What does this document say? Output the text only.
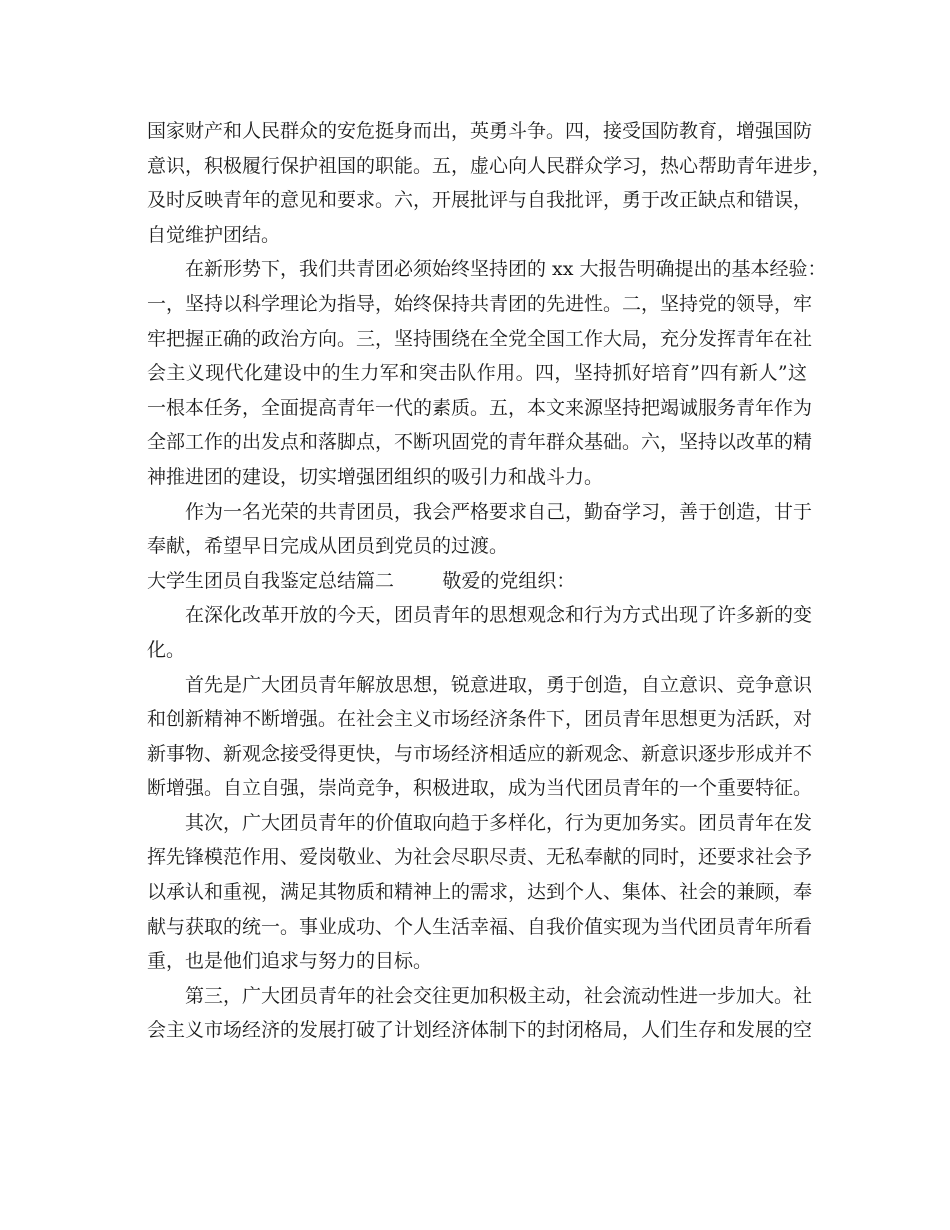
国家财产和人民群众的安危挺身而出，英勇斗争。四，接受国防教育，增强国防
意识，积极履行保护祖国的职能。五，虚心向人民群众学习，热心帮助青年进步，
及时反映青年的意见和要求。六，开展批评与自我批评，勇于改正缺点和错误，
自觉维护团结。
在新形势下，我们共青团必须始终坚持团的 xx 大报告明确提出的基本经验：
一，坚持以科学理论为指导，始终保持共青团的先进性。二，坚持党的领导，牢
牢把握正确的政治方向。三，坚持围绕在全党全国工作大局，充分发挥青年在社
会主义现代化建设中的生力军和突击队作用。四，坚持抓好培育”四有新人”这
一根本任务，全面提高青年一代的素质。五，本文来源坚持把竭诚服务青年作为
全部工作的出发点和落脚点，不断巩固党的青年群众基础。六，坚持以改革的精
神推进团的建设，切实增强团组织的吸引力和战斗力。
作为一名光荣的共青团员，我会严格要求自己，勤奋学习，善于创造，甘于
奉献，希望早日完成从团员到党员的过渡。
大学生团员自我鉴定总结篇二        敬爱的党组织：
在深化改革开放的今天，团员青年的思想观念和行为方式出现了许多新的变
化。
首先是广大团员青年解放思想，锐意进取，勇于创造，自立意识、竞争意识
和创新精神不断增强。在社会主义市场经济条件下，团员青年思想更为活跃，对
新事物、新观念接受得更快，与市场经济相适应的新观念、新意识逐步形成并不
断增强。自立自强，崇尚竞争，积极进取，成为当代团员青年的一个重要特征。
其次，广大团员青年的价值取向趋于多样化，行为更加务实。团员青年在发
挥先锋模范作用、爱岗敬业、为社会尽职尽责、无私奉献的同时，还要求社会予
以承认和重视，满足其物质和精神上的需求，达到个人、集体、社会的兼顾，奉
献与获取的统一。事业成功、个人生活幸福、自我价值实现为当代团员青年所看
重，也是他们追求与努力的目标。
第三，广大团员青年的社会交往更加积极主动，社会流动性进一步加大。社
会主义市场经济的发展打破了计划经济体制下的封闭格局，人们生存和发展的空
